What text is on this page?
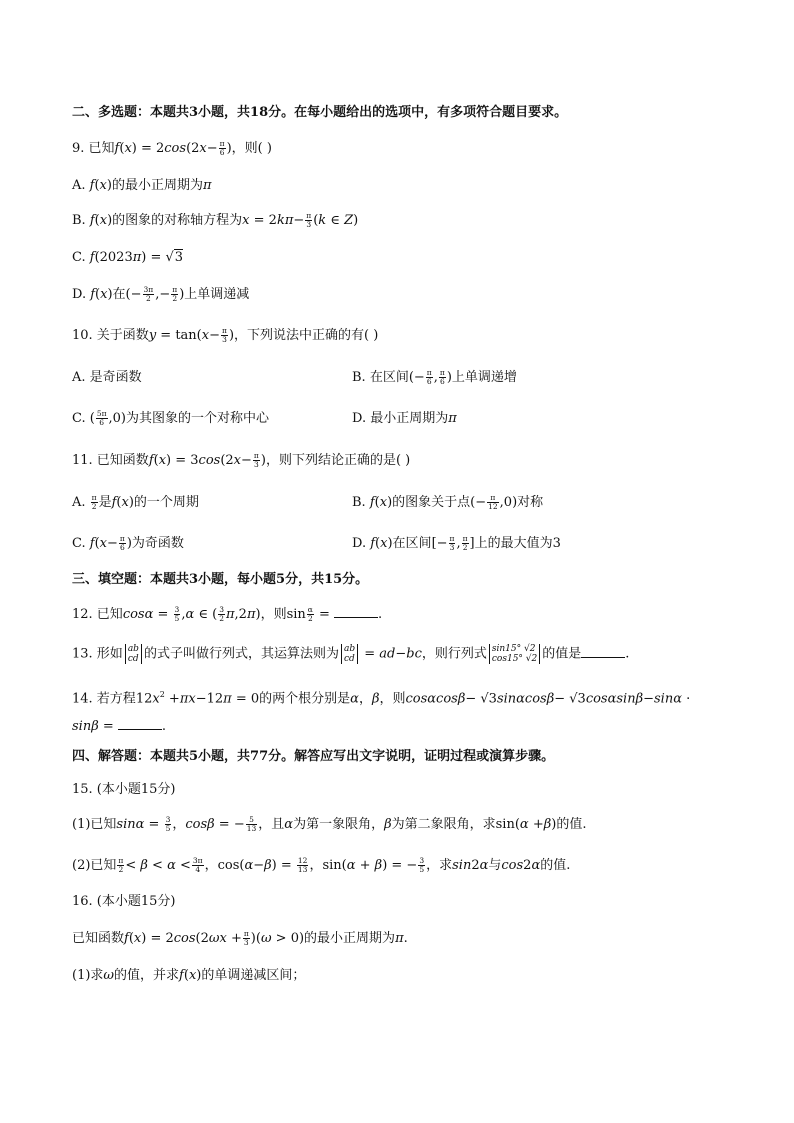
二、多选题：本题共3小题，共18分。在每小题给出的选项中，有多项符合题目要求。
9. 已知$f(x) = 2\cos(2x- \frac{\pi}{6}$ )，则( )
A. f(x)的最小正周期为π
B. f(x)的图象的对称轴方程为$x = 2k\pi- \frac{\pi}{3} (k$ ∈ Z)
C. f(2023π) = √3
D. f(x)在(− $\frac{3\pi}{2}$ ,− $\frac{\pi}{2}$ )上单调递减
10. 关于函数$y = \tan(x- \frac{\pi}{3}$ )，下列说法中正确的有( )
A. 是奇函数	B. 在区间(− $\frac{\pi}{6}$ , $\frac{\pi}{6}$ )上单调递增
C. ( $\frac{5\pi}{6} ,0$)为其图象的一个对称中心	D. 最小正周期为π
11. 已知函数$f(x) = 3\cos(2x- \frac{\pi}{3}$ )，则下列结论正确的是( )
A. $\frac{\pi}{2}$ 是f(x)的一个周期	B. f(x)的图象关于点(− $\frac{\pi}{12} ,0$)对称
C. $f(x- \frac{\pi}{6}$ )为奇函数	D. f(x)在区间[− $\frac{\pi}{3}$ , $\frac{\pi}{2}$ ]上的最大值为3
三、填空题：本题共3小题，每小题5分，共15分。
12. 已知$\cos\alpha = \frac{3}{5} ,\alpha$ ∈ ( $\frac{3}{2} \pi,2\pi$)，则$\sin \frac{\alpha}{2}$ =	.
13. 形如 ab
cd 的式子叫做行列式，其运算法则为 ab
cd = ad−bc，则行列式 sin15° √2
cos15° √2 的值是	.
14. 若方程$12x^2 +\pi x-12\pi = 0$的两个根分别是α，β，则cosαcosβ− √3sinαcosβ− √3cosαsinβ−sinα ·
sinβ =	.
四、解答题：本题共5小题，共77分。解答应写出文字说明，证明过程或演算步骤。
15. (本小题15分)
(1)已知$\sin\alpha = \frac{3}{5}$ ，cosβ = − $\frac{5}{13}$ ，且α为第一象限角，β为第二象限角，求sin(α +β)的值.
(2)已知 $\frac{\pi}{2} < \beta < \alpha < \frac{3\pi}{4}$ ，$\cos(\alpha-\beta) = \frac{12}{13}$ ，sin(α + β) = − $\frac{3}{5}$ ，求sin2α与cos2α的值.
16. (本小题15分)
已知函数$f(x) = 2\cos(2\omega x + \frac{\pi}{3} )(\omega > 0)$的最小正周期为π.
(1)求ω的值，并求f(x)的单调递减区间；
